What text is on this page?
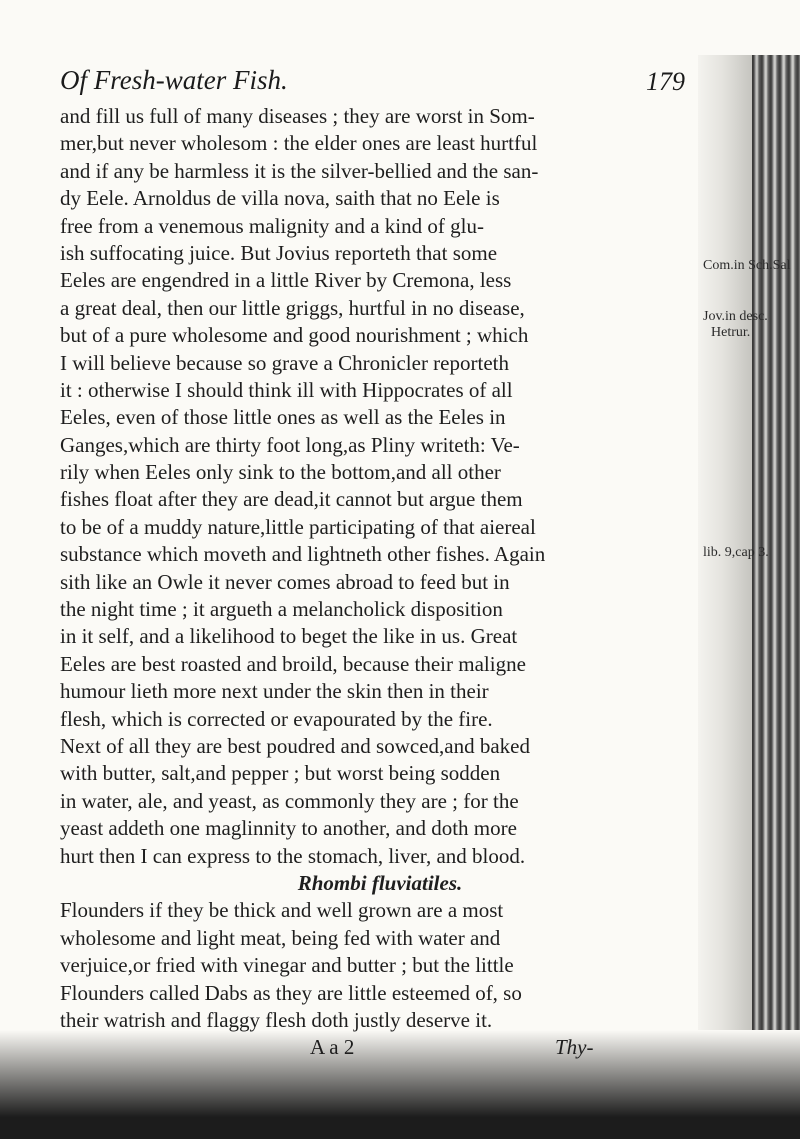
Of Fresh-water Fish.	179
and fill us full of many diseases ; they are worst in Som-
mer,but never wholesom : the elder ones are least hurtful
and if any be harmless it is the silver-bellied and the san-
dy Eele. Arnoldus de villa nova, saith that no Eele is
free from a venemous malignity and a kind of glu-
ish suffocating juice. But Jovius reporteth that some
Eeles are engendred in a little River by Cremona, less
a great deal, then our little griggs, hurtful in no disease,
but of a pure wholesome and good nourishment ; which
I will believe because so grave a Chronicler reporteth
it : otherwise I should think ill with Hippocrates of all
Eeles, even of those little ones as well as the Eeles in
Ganges,which are thirty foot long,as Pliny writeth: Ve-
rily when Eeles only sink to the bottom,and all other
fishes float after they are dead,it cannot but argue them
to be of a muddy nature,little participating of that aiereal
substance which moveth and lightneth other fishes. Again
sith like an Owle it never comes abroad to feed but in
the night time ; it argueth a melancholick disposition
in it self, and a likelihood to beget the like in us. Great
Eeles are best roasted and broild, because their maligne
humour lieth more next under the skin then in their
flesh, which is corrected or evapourated by the fire.
Next of all they are best poudred and sowced,and baked
with butter, salt,and pepper ; but worst being sodden
in water, ale, and yeast, as commonly they are ; for the
yeast addeth one maglinnity to another, and doth more
hurt then I can express to the stomach, liver, and blood.
Rhombi fluviatiles.
Flounders if they be thick and well grown are a most
wholesome and light meat, being fed with water and
verjuice,or fried with vinegar and butter ; but the little
Flounders called Dabs as they are little esteemed of, so
their watrish and flaggy flesh doth justly deserve it.
A a 2	Thy-
Com.in Sch.Sal
Jov.in desc.
Hetrur.
lib. 9,cap 3.
